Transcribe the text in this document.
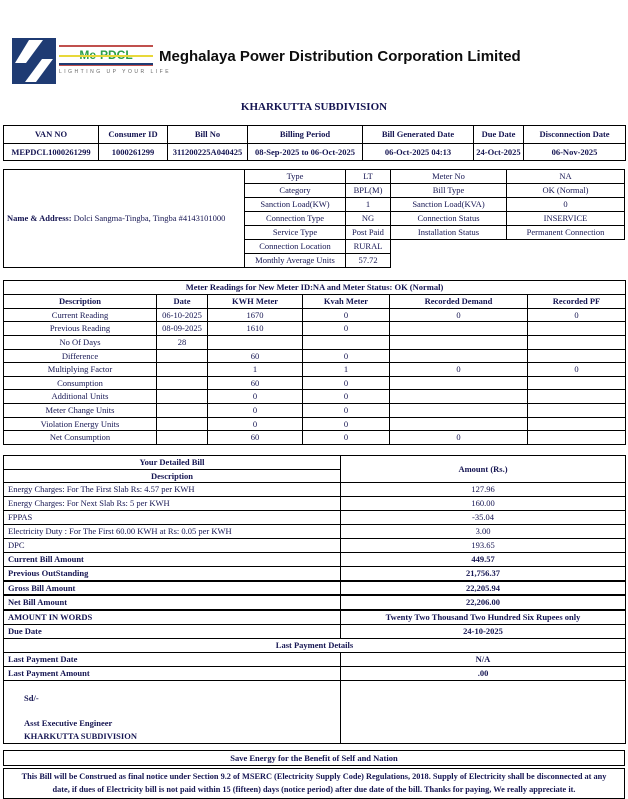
LIGHTING UP YOUR LIFE
Meghalaya Power Distribution Corporation Limited
KHARKUTTA SUBDIVISION
VAN NO	Consumer ID	Bill No	Billing Period	Bill Generated Date	Due Date	Disconnection Date
MEPDCL1000261299	1000261299	311200225A040425	08-Sep-2025 to 06-Oct-2025	06-Oct-2025 04:13	24-Oct-2025	06-Nov-2025
Name & Address: Dolci Sangma-Tingba, Tingba #4143101000
Type	LT	Meter No	NA
Category	BPL(M)	Bill Type	OK (Normal)
Sanction Load(KW)	1	Sanction Load(KVA)	0
Connection Type	NG	Connection Status	INSERVICE
Service Type	Post Paid	Installation Status	Permanent Connection
Connection Location	RURAL		
Monthly Average Units	57.72		
Meter Readings for New Meter ID:NA and Meter Status: OK (Normal)					
Description	Date	KWH Meter	Kvah Meter	Recorded Demand	Recorded PF
Current Reading	06-10-2025	1670	0	0	0
Previous Reading	08-09-2025	1610	0		
No Of Days	28				
Difference		60	0		
Multiplying Factor		1	1	0	0
Consumption		60	0		
Additional Units		0	0		
Meter Change Units		0	0		
Violation Energy Units		0	0		
Net Consumption		60	0	0	
Your Detailed Bill	Amount (Rs.)
Description	
Energy Charges: For The First Slab Rs: 4.57 per KWH	127.96
Energy Charges: For Next Slab Rs: 5 per KWH	160.00
FPPAS	-35.04
Electricity Duty : For The First 60.00 KWH at Rs: 0.05 per KWH	3.00
DPC	193.65
Current Bill Amount	449.57
Previous OutStanding	21,756.37
Gross Bill Amount	22,205.94
Net Bill Amount	22,206.00
AMOUNT IN WORDS	Twenty Two Thousand Two Hundred Six Rupees only
Due Date	24-10-2025
Last Payment Details	
Last Payment Date	N/A
Last Payment Amount	.00

Sd/-
Asst Executive Engineer
KHARKUTTA SUBDIVISION	

Save Energy for the Benefit of Self and Nation
This Bill will be Construed as final notice under Section 9.2 of MSERC (Electricity Supply Code) Regulations, 2018. Supply of Electricity shall be disconnected at any date, if dues of Electricity bill is not paid within 15 (fifteen) days (notice period) after due date of the bill. Thanks for paying, We really appreciate it.
